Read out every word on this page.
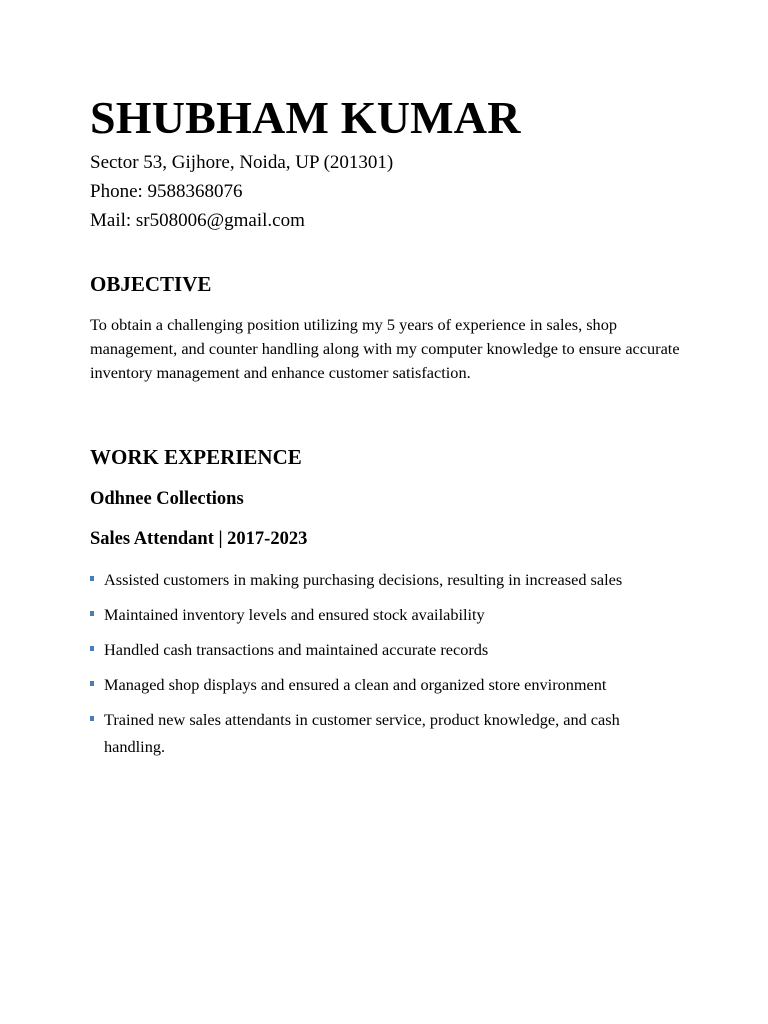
SHUBHAM KUMAR
Sector 53, Gijhore, Noida, UP (201301)
Phone: 9588368076
Mail: sr508006@gmail.com
OBJECTIVE

To obtain a challenging position utilizing my 5 years of experience in sales, shop management, and counter handling along with my computer knowledge to ensure accurate inventory management and enhance customer satisfaction.

WORK EXPERIENCE
Odhnee Collections
Sales Attendant | 2017-2023
Assisted customers in making purchasing decisions, resulting in increased sales
Maintained inventory levels and ensured stock availability
Handled cash transactions and maintained accurate records
Managed shop displays and ensured a clean and organized store environment
Trained new sales attendants in customer service, product knowledge, and cash handling.
